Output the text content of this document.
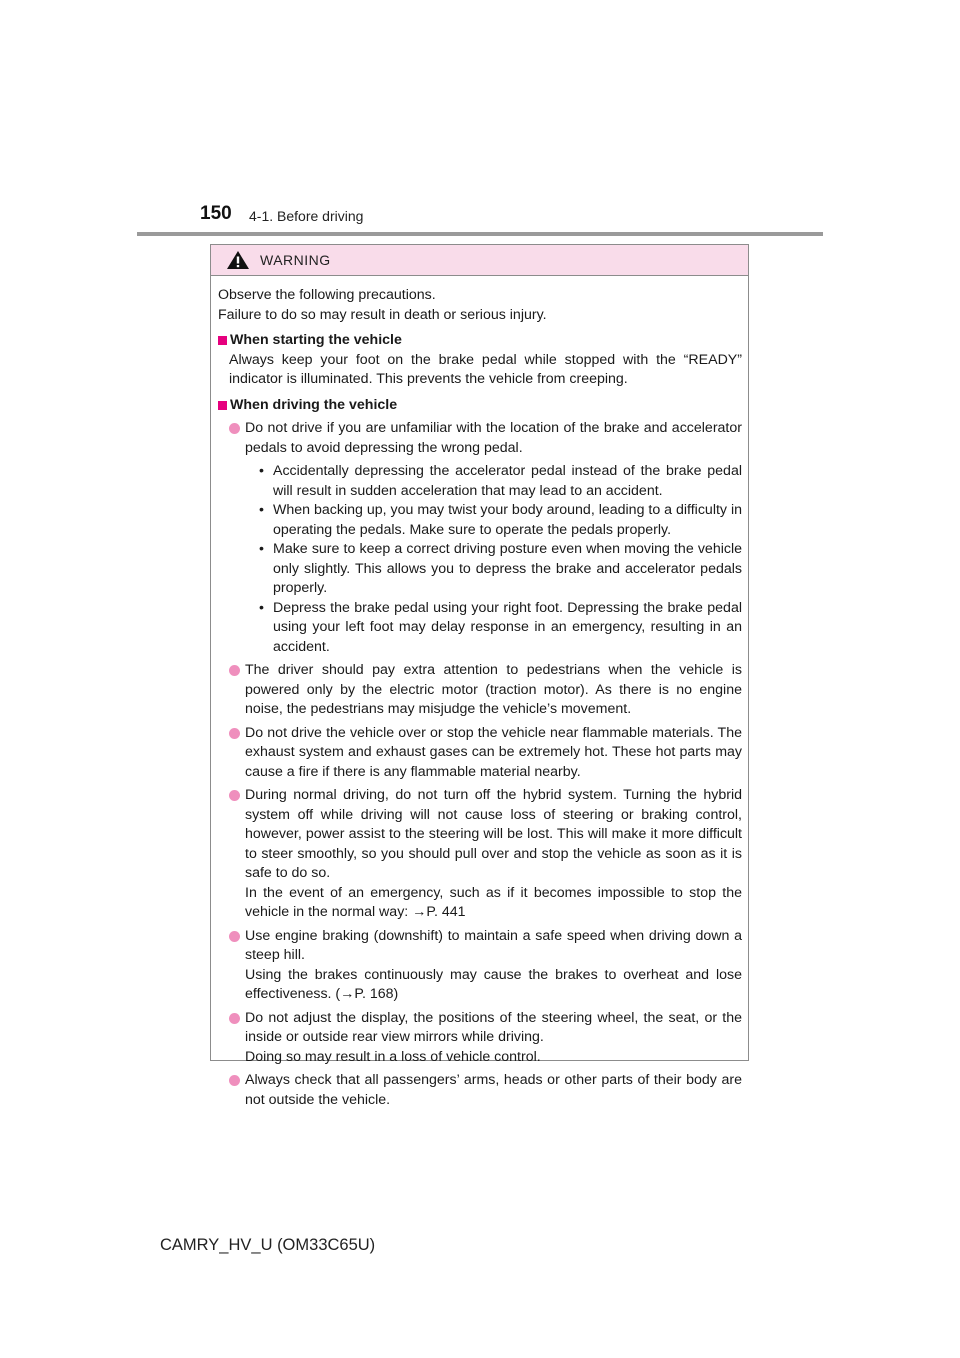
150 4-1. Before driving
WARNING

Observe the following precautions.

Failure to do so may result in death or serious injury.

When starting the vehicle

Always keep your foot on the brake pedal while stopped with the “READY” indicator is illuminated. This prevents the vehicle from creeping.

When driving the vehicle

Do not drive if you are unfamiliar with the location of the brake and accelerator pedals to avoid depressing the wrong pedal.

• Accidentally depressing the accelerator pedal instead of the brake pedal will result in sudden acceleration that may lead to an accident.
• When backing up, you may twist your body around, leading to a difficulty in operating the pedals. Make sure to operate the pedals properly.
• Make sure to keep a correct driving posture even when moving the vehicle only slightly. This allows you to depress the brake and accelerator pedals properly.
• Depress the brake pedal using your right foot. Depressing the brake pedal using your left foot may delay response in an emergency, resulting in an accident.

The driver should pay extra attention to pedestrians when the vehicle is powered only by the electric motor (traction motor). As there is no engine noise, the pedestrians may misjudge the vehicle’s movement.

Do not drive the vehicle over or stop the vehicle near flammable materials. The exhaust system and exhaust gases can be extremely hot. These hot parts may cause a fire if there is any flammable material nearby.

During normal driving, do not turn off the hybrid system. Turning the hybrid system off while driving will not cause loss of steering or braking control, however, power assist to the steering will be lost. This will make it more difficult to steer smoothly, so you should pull over and stop the vehicle as soon as it is safe to do so.

In the event of an emergency, such as if it becomes impossible to stop the vehicle in the normal way: →P. 441

Use engine braking (downshift) to maintain a safe speed when driving down a steep hill.

Using the brakes continuously may cause the brakes to overheat and lose effectiveness. (→P. 168)

Do not adjust the display, the positions of the steering wheel, the seat, or the inside or outside rear view mirrors while driving.

Doing so may result in a loss of vehicle control.

Always check that all passengers’ arms, heads or other parts of their body are not outside the vehicle.

CAMRY_HV_U (OM33C65U)
